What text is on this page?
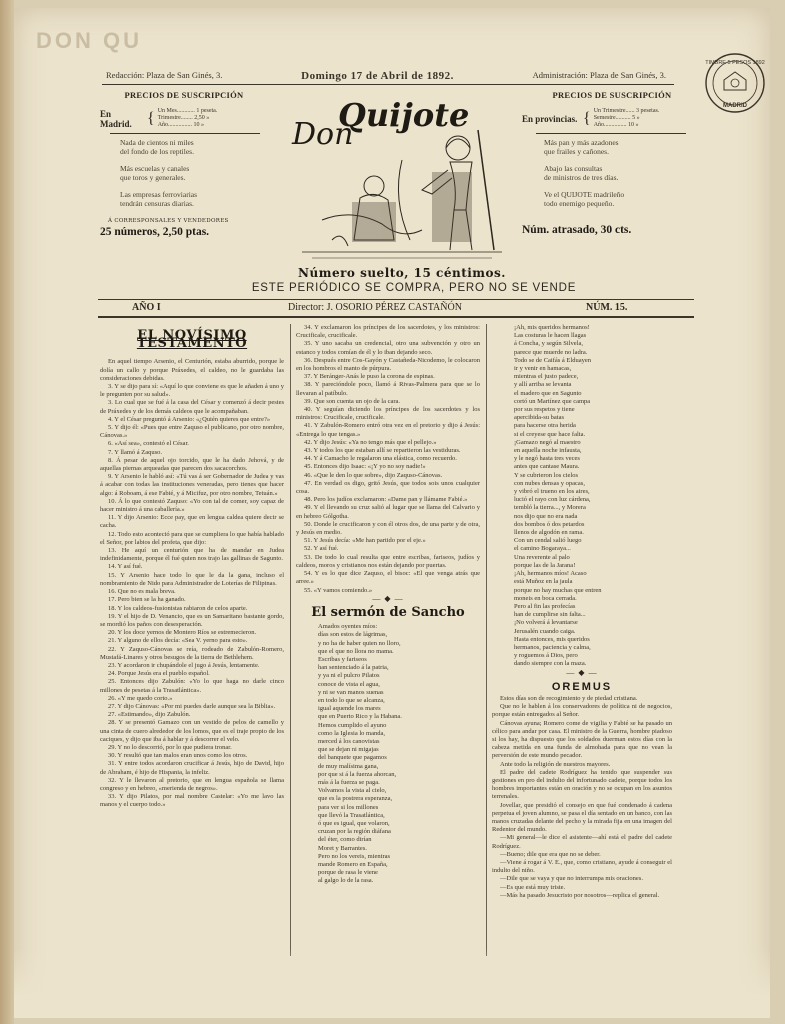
DON QU
TIMBRE 5 PESOS 1892
MADRID
Redacción: Plaza de San Ginés, 3.	Domingo 17 de Abril de 1892.	Administración: Plaza de San Ginés, 3.
PRECIOS DE SUSCRIPCIÓN
En Madrid. { Un Mes............ 1 peseta.
Trimestre........ 2,50 »
Año................ 10 »
Nada de cientos ni miles
del fondo de los reptiles.
Más escuelas y canales
que toros y generales.
Las empresas ferroviarias
tendrán censuras diarias.
Á CORRESPONSALES Y VENDEDORES
25 números, 2,50 ptas.
Don
Quijote
PRECIOS DE SUSCRIPCIÓN
En provincias. { Un Trimestre...... 3 pesetas.
Semestre.......... 5 »
Año............... 10 »
Más pan y más azadones
que frailes y cañones.
Abajo las consultas
de ministros de tres días.
Ve el QUIJOTE madrileño
todo enemigo pequeño.
Núm. atrasado, 30 cts.
Número suelto, 15 céntimos.
ESTE PERIÓDICO SE COMPRA, PERO NO SE VENDE
AÑO I	Director: J. OSORIO PÉREZ CASTAÑÓN	NÚM. 15.
EL NOVÍSIMO TESTAMENTO

En aquel tiempo Arsenio, el Centurión, estaba aburrido, porque le dolía un callo y porque Práxedes, el caldeo, no le guardaba las consideraciones debidas.

3. Y se dijo para sí: «Aquí lo que conviene es que le añaden á uno y le pregunten por su salud».

3. Lo cual que se fué á la casa del César y comenzó á decir pestes de Práxedes y de los demás caldeos que le acompañaban.

4. Y el César preguntó á Arsenio: «¿Quién quieres que entre?»

5. Y dijo él: «Pues que entre Zaquso el publicano, por otro nombre, Cánovas.»

6. «Así sea», contestó el César.

7. Y llamó á Zaquso.

8. Á pesar de aquel ojo torcido, que le ha dado Jehová, y de aquellas piernas arqueadas que parecen dos sacacorchos.

9. Y Arsenio le habló así: «Tú vas á ser Gobernador de Judea y vas á acabar con todas las instituciones veneradas, pero tienes que hacer algo: á Roboam, á ese Fabié, y á Micifuz, por otro nombre, Tetuán.»

10. Á lo que contestó Zaquso: «Yo con tal de comer, soy capaz de hacer ministro á una caballería.»

11. Y dijo Arsenio: Ecce pay, que en lengua caldea quiere decir se cacha.

12. Todo esto aconteció para que se cumpliera lo que había hablado el Señor, por labios del profeta, que dijo:

13. He aquí un centurión que ha de mandar en Judea indefinidamente, porque él fué quien nos trajo las gallinas de Sagunto.

14. Y así fué.

15. Y Arsenio hace todo lo que le da la gana, incluso el nombramiento de Nido para Administrador de Loterías de Filipinas.

16. Que no es mala breva.

17. Pero bien se la ha ganado.

18. Y los caldeos-fusionistas rabiaron de celos aparte.

19. Y el hijo de D. Venancio, que es un Samaritano bastante gordo, se mordió los paños con desesperación.

20. Y los doce yernos de Montero Ríos se estremecieron.

21. Y alguno de ellos decía: «Sea V. yerno para esto».

22. Y Zaquso-Cánovas se reía, rodeado de Zabulón-Romero, Mustafá-Linares y otros besugos de la tierra de Bethlehem.

23. Y acordaron ir chupándole el jugo á Jesús, lentamente.

24. Porque Jesús era el pueblo español.

25. Entonces dijo Zabulón: «Yo lo que haga no darle cinco millones de pesetas á la Trasatlántica».

26. «Y me quedo corto.»

27. Y dijo Cánovas: «Por mi puedes darle aunque sea la Biblia».

27. «Estimando», dijo Zabulón.

28. Y se presentó Gamazo con un vestido de pelos de camello y una cinta de cuero alrededor de los lomos, que es el traje propio de los caciques, y dijo que iba á hablar y á descorrer el velo.

29. Y no lo descorrió, por lo que pudiera tronar.

30. Y resultó que tan malos eran unos como los otros.

31. Y entre todos acordaron crucificar á Jesús, hijo de David, hijo de Abraham, é hijo de Hispania, la infeliz.

32. Y le llevaron al pretorio, que en lengua española se llama congreso y en hebreo, «merienda de negros».

33. Y dijo Pilatos, por mal nombre Castelar: «Yo me lavo las manos y el cuerpo todo.»

34. Y exclamaron los príncipes de los sacerdotes, y los ministros: Crucificale, crucificale.

35. Y uno sacaba un credencial, otro una subvención y otro un estanco y todos comían de él y lo iban dejando seco.

36. Después entre Cos-Gayón y Castañeda-Nicodemo, le colocaron en los hombros el manto de púrpura.

37. Y Beránger-Anás le puso la corona de espinas.

38. Y parecióndole poco, llamó á Rivas-Palmera para que se lo llevaran al patíbulo.

39. Que son cuenta un ojo de la cara.

40. Y seguían diciendo los príncipes de los sacerdotes y los ministros: Crucificale, crucificale.

41. Y Zabulón-Romero entró otra vez en el pretorio y dijo á Jesús: «Entrega lo que tengas.»

42. Y dijo Jesús: «Ya no tengo más que el pellejo.»

43. Y todos los que estaban allí se repartieron las vestiduras.

44. Y á Camacho le regalaron una elástica, como recuerdo.

45. Entonces dijo Isaac: «¡Y yo no soy nadie!»

46. «Que le den lo que sobre», dijo Zaquso-Cánovas.

47. En verdad os digo, gritó Jesús, que todos sois unos cualquier cosa.

48. Pero los judíos exclamaron: «Dame pan y llámame Fabié.»

49. Y el llevando su cruz salió al lugar que se llama del Calvario y en hebreo Gólgotha.

50. Donde le crucificaron y con él otros dos, de una parte y de otra, y Jesús en medio.

51. Y Jesús decía: «Me han partido por el eje.»

52. Y así fué.

53. De todo lo cual resulta que entre escribas, fariseos, judíos y caldeos, moros y cristianos nos están dejando por puertas.

54. Y es lo que dice Zaquso, el bisoc: «El que venga atrás que arree.»

55. «Y vamos comiendo.»

— ◆ —
El sermón de Sancho
Amados oyentes míos:
días son estos de lágrimas,
y no ha de haber quien no lloro,
que el que no llora no mama.
Escribas y fariseos
han sentenciado á la patria,
y ya ni el pulcro Pilatos
conoce de vista el agua,
y ni se van manos suenas
en todo lo que se alcanza,
igual aquende los mares
que en Puerto Rico y la Habana.
Hemos cumplido el ayuno
como la Iglesia lo manda,
merced á los canovistas
que se dejan ni migajas
del banquete que pagamos
de muy malísima gana,
por que si á la fuerza ahorcan,
más á la fuerza se paga.
Volvamos la vista al cielo,
que es la postrera esperanza,
para ver si los millones
que llevó la Trasatlántica,
ó que es igual, que volaron,
cruzan por la región diáfana
del éter, como dirían
Moret y Barrantes.
Pero no los vereis, mientras
mande Romero en España,
porque de rasa le viene
al galgo lo de la rasa.
¡Ah, mis queridos hermanos!
Las costuras le hacen llagas
á Concha, y según Silvela,
parece que muerde no ladra.
Todo se de Caifás á Elduayen
ir y venir en hamacas,
mientras el justo padece,
y allí arriba se levanta
el madero que en Sagunto
cortó un Martínez que campa
por sus respetos y tiene
apercibida-su batas
para hacerse otra herida
si el creyese que hace falta.
¡Gamazo negó al maestro
en aquella noche infausta,
y le negó hasta tres veces
antes que cantase Maura.
Y se cubrieron los cielos
con nubes densas y opacas,
y vibró el trueno en los aires,
lució el rayo con luz cárdena,
tembló la tierra..., y Morera
nos dijo que no era nada
dos bombos ó dos petardos
llenos de algodón en rama.
Con un cendal salió luego
el camino Bogaraya...
Una reverente al palo
porque las de la Jarana!
¡Ah, hermanos míos! Acaso
está Muñoz en la jaula
porque no hay muchas que entren
moneis en boca cerrada.
Pero al fin las profecías
han de cumplirse sin falta...
¡No volverá á levantarse
Jerusalén cuando caiga.
Hasta entonces, mis queridos
hermanos, paciencia y calma,
y roguemos á Dios, pero
dando siempre con la maza.
— ◆ —
OREMUS

Estos días son de recogimiento y de piedad cristiana.

Que no le hablen á los conservadores de política ni de negocios, porque están entregados al Señor.

Cánovas ayuna; Romero come de vigilia y Fabié se ha pasado un célico para andar por casa. El ministro de la Guerra, hombre piadoso si los hay, ha dispuesto que los soldados duerman estos días con la cabeza metida en una funda de almohada para que no vean la perversión de este mundo pecador.

Ante todo la religión de nuestros mayores.

El padre del cadete Rodríguez ha tenido que suspender sus gestiones en pro del indulto del infortunado cadete, porque todos los hombres importantes están en oración y no se ocupan en los asuntos terrenales.

Jovellar, que presidió el consejo en que fué condenado á cadena perpetua el joven alumno, se pasa el día sentado en un banco, con las manos cruzadas delante del pecho y la mirada fija en una imagen del Redentor del mundo.

—Mi general—le dice el asistente—ahí está el padre del cadete Rodríguez.

—Bueno; dile que era que no se deber.

—Viene á rogar á V. E., que, como cristiano, ayude á conseguir el indulto del niño.

—Dile que se vaya y que no interrumpa mis oraciones.

—Es que está muy triste.

—Más ha pasado Jesucristo por nosotros—replica el general.
